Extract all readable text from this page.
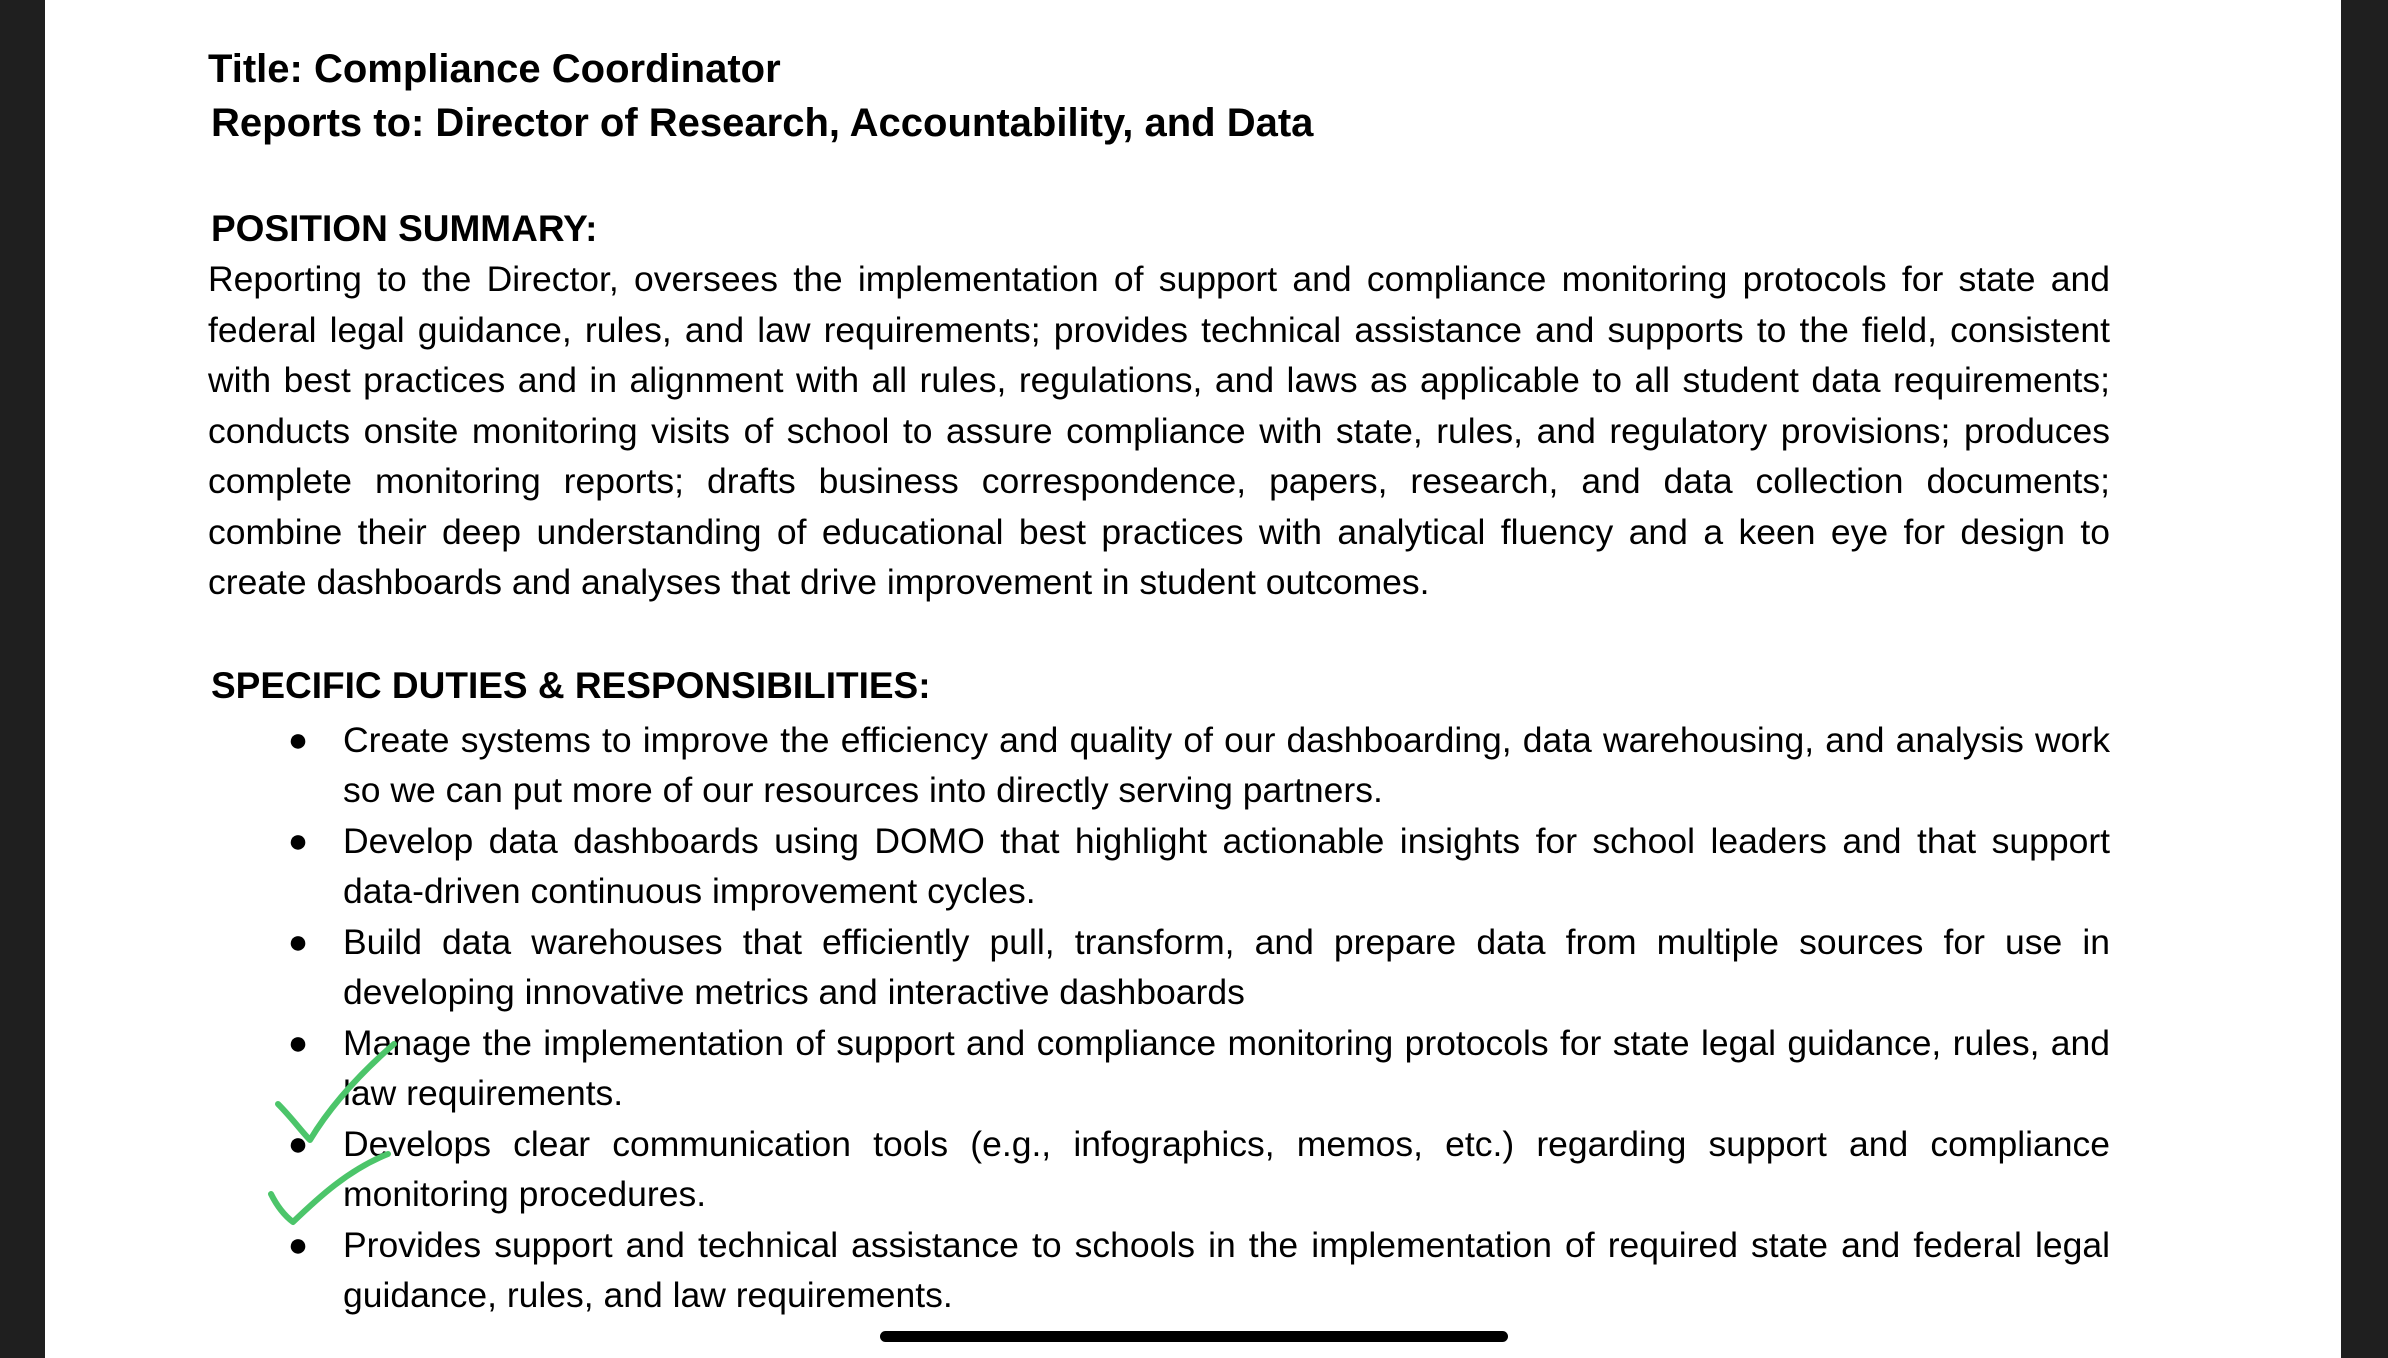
Title: Compliance Coordinator

Reports to: Director of Research, Accountability, and Data

POSITION SUMMARY:

Reporting to the Director, oversees the implementation of support and compliance monitoring protocols for state and federal legal guidance, rules, and law requirements; provides technical assistance and supports to the field, consistent with best practices and in alignment with all rules, regulations, and laws as applicable to all student data requirements; conducts onsite monitoring visits of school to assure compliance with state, rules, and regulatory provisions; produces complete monitoring reports; drafts business correspondence, papers, research, and data collection documents; combine their deep understanding of educational best practices with analytical fluency and a keen eye for design to create dashboards and analyses that drive improvement in student outcomes.

SPECIFIC DUTIES & RESPONSIBILITIES:

● Create systems to improve the efficiency and quality of our dashboarding, data warehousing, and analysis work so we can put more of our resources into directly serving partners.
● Develop data dashboards using DOMO that highlight actionable insights for school leaders and that support data-driven continuous improvement cycles.
● Build data warehouses that efficiently pull, transform, and prepare data from multiple sources for use in developing innovative metrics and interactive dashboards
● Manage the implementation of support and compliance monitoring protocols for state legal guidance, rules, and law requirements.
● Develops clear communication tools (e.g., infographics, memos, etc.) regarding support and compliance monitoring procedures.
● Provides support and technical assistance to schools in the implementation of required state and federal legal guidance, rules, and law requirements.
